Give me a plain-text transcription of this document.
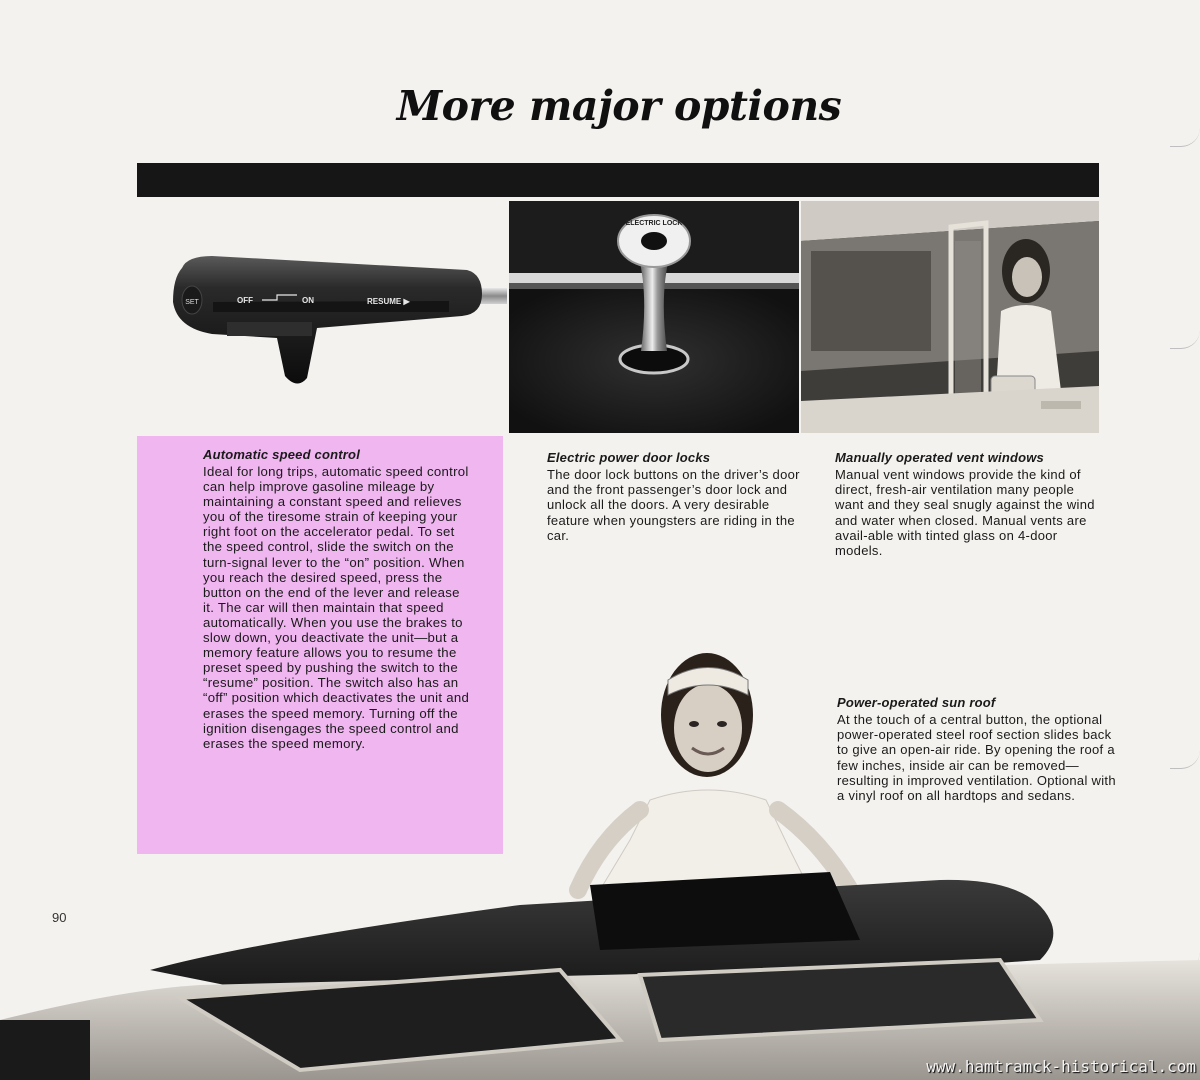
More major options
SET	OFF	ON	RESUME ▶
ELECTRIC LOCK
Automatic speed control

Ideal for long trips, automatic speed control can help improve gasoline mileage by maintaining a constant speed and relieves you of the tiresome strain of keeping your right foot on the accelerator pedal. To set the speed control, slide the switch on the turn-signal lever to the “on” position. When you reach the desired speed, press the button on the end of the lever and release it. The car will then maintain that speed automatically. When you use the brakes to slow down, you deactivate the unit—but a memory feature allows you to resume the preset speed by pushing the switch to the “resume” position. The switch also has an “off” position which deactivates the unit and erases the speed memory. Turning off the ignition disengages the speed control and erases the speed memory.

Electric power door locks

The door lock buttons on the driver’s door and the front passenger’s door lock and unlock all the doors. A very desirable feature when youngsters are riding in the car.

Manually operated vent windows

Manual vent windows provide the kind of direct, fresh-air ventilation many people want and they seal snugly against the wind and water when closed. Manual vents are avail-able with tinted glass on 4-door models.

Power-operated sun roof

At the touch of a central button, the optional power-operated steel roof section slides back to give an open-air ride. By opening the roof a few inches, inside air can be removed—resulting in improved ventilation. Optional with a vinyl roof on all hardtops and sedans.

90
www.hamtramck-historical.com
